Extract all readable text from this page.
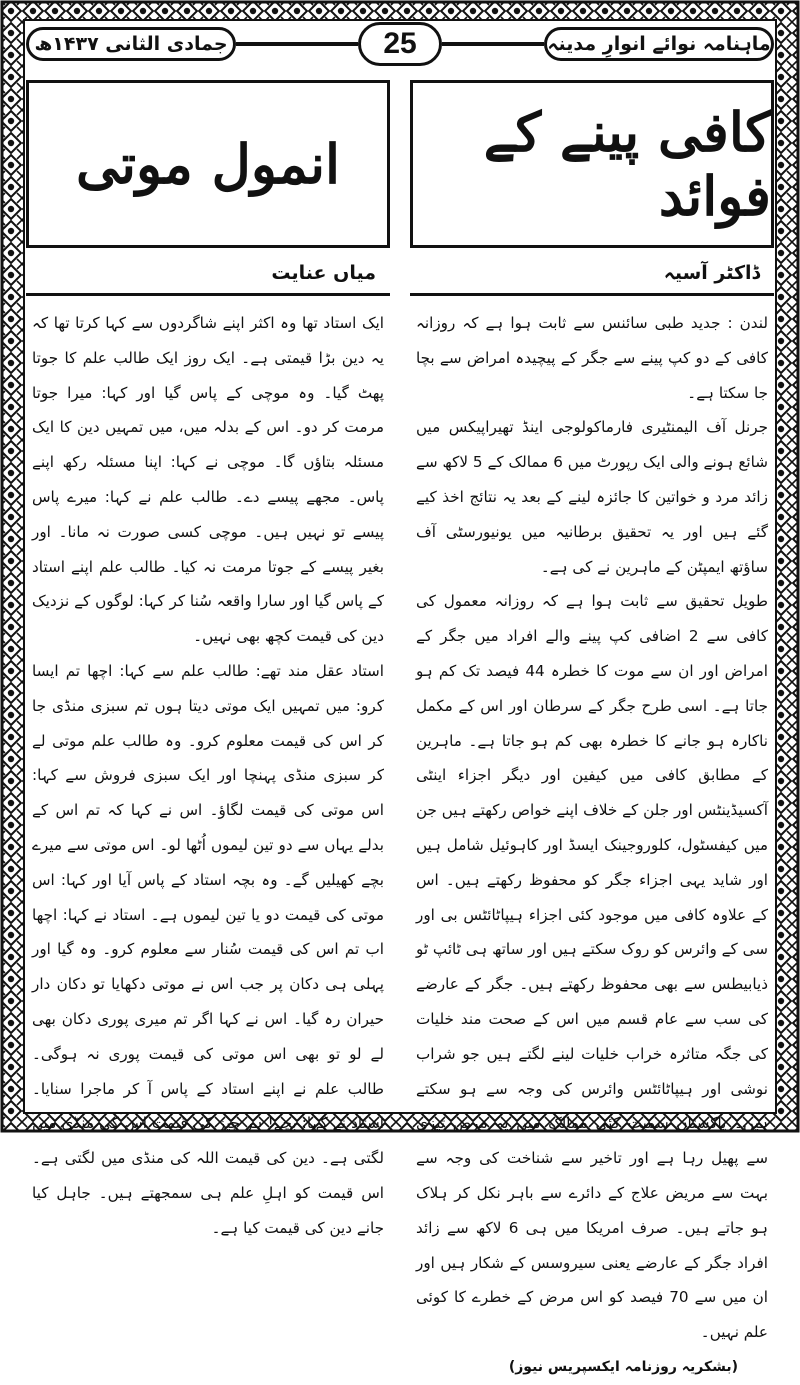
ماہنامہ نوائے انوارِ مدینہ
25
جمادی الثانی ۱۴۳۷ھ
کافی پینے کے فوائد
ڈاکٹر آسیہ
لندن : جدید طبی سائنس سے ثابت ہوا ہے کہ روزانہ کافی کے دو کپ پینے سے جگر کے پیچیدہ امراض سے بچا جا سکتا ہے۔
جرنل آف الیمنٹیری فارماکولوجی اینڈ تھیراپیکس میں شائع ہونے والی ایک رپورٹ میں 6 ممالک کے 5 لاکھ سے زائد مرد و خواتین کا جائزہ لینے کے بعد یہ نتائج اخذ کیے گئے ہیں اور یہ تحقیق برطانیہ میں یونیورسٹی آف ساؤتھ ایمپٹن کے ماہرین نے کی ہے۔
طویل تحقیق سے ثابت ہوا ہے کہ روزانہ معمول کی کافی سے 2 اضافی کپ پینے والے افراد میں جگر کے امراض اور ان سے موت کا خطرہ 44 فیصد تک کم ہو جاتا ہے۔ اسی طرح جگر کے سرطان اور اس کے مکمل ناکارہ ہو جانے کا خطرہ بھی کم ہو جاتا ہے۔ ماہرین کے مطابق کافی میں کیفین اور دیگر اجزاء اینٹی آکسیڈینٹس اور جلن کے خلاف اپنے خواص رکھتے ہیں جن میں کیفسٹول، کلوروجینک ایسڈ اور کاہوئیل شامل ہیں اور شاید یہی اجزاء جگر کو محفوظ رکھتے ہیں۔ اس کے علاوہ کافی میں موجود کئی اجزاء ہیپاٹائٹس بی اور سی کے وائرس کو روک سکتے ہیں اور ساتھ ہی ٹائپ ٹو ذیابیطس سے بھی محفوظ رکھتے ہیں۔ جگر کے عارضے کی سب سے عام قسم میں اس کے صحت مند خلیات کی جگہ متاثرہ خراب خلیات لینے لگتے ہیں جو شراب نوشی اور ہیپاٹائٹس وائرس کی وجہ سے ہو سکتے ہیں۔ پاکستان سمیت کئی ممالک میں یہ مرض تیزی سے پھیل رہا ہے اور تاخیر سے شناخت کی وجہ سے بہت سے مریض علاج کے دائرے سے باہر نکل کر ہلاک ہو جاتے ہیں۔ صرف امریکا میں ہی 6 لاکھ سے زائد افراد جگر کے عارضے یعنی سیروسس کے شکار ہیں اور ان میں سے 70 فیصد کو اس مرض کے خطرے کا کوئی علم نہیں۔
(بشکریہ روزنامہ ایکسپریس نیوز)
انمول موتی
میاں عنایت
ایک استاد تھا وہ اکثر اپنے شاگردوں سے کہا کرتا تھا کہ یہ دین بڑا قیمتی ہے۔ ایک روز ایک طالب علم کا جوتا پھٹ گیا۔ وہ موچی کے پاس گیا اور کہا: میرا جوتا مرمت کر دو۔ اس کے بدلہ میں، میں تمہیں دین کا ایک مسئلہ بتاؤں گا۔ موچی نے کہا: اپنا مسئلہ رکھ اپنے پاس۔ مجھے پیسے دے۔ طالب علم نے کہا: میرے پاس پیسے تو نہیں ہیں۔ موچی کسی صورت نہ مانا۔ اور بغیر پیسے کے جوتا مرمت نہ کیا۔ طالب علم اپنے استاد کے پاس گیا اور سارا واقعہ سُنا کر کہا: لوگوں کے نزدیک دین کی قیمت کچھ بھی نہیں۔
استاد عقل مند تھے: طالب علم سے کہا: اچھا تم ایسا کرو: میں تمہیں ایک موتی دیتا ہوں تم سبزی منڈی جا کر اس کی قیمت معلوم کرو۔ وہ طالب علم موتی لے کر سبزی منڈی پہنچا اور ایک سبزی فروش سے کہا: اس موتی کی قیمت لگاؤ۔ اس نے کہا کہ تم اس کے بدلے یہاں سے دو تین لیموں اُٹھا لو۔ اس موتی سے میرے بچے کھیلیں گے۔ وہ بچہ استاد کے پاس آیا اور کہا: اس موتی کی قیمت دو یا تین لیموں ہے۔ استاد نے کہا: اچھا اب تم اس کی قیمت سُنار سے معلوم کرو۔ وہ گیا اور پہلی ہی دکان پر جب اس نے موتی دکھایا تو دکان دار حیران رہ گیا۔ اس نے کہا اگر تم میری پوری دکان بھی لے لو تو بھی اس موتی کی قیمت پوری نہ ہوگی۔ طالب علم نے اپنے استاد کے پاس آ کر ماجرا سنایا۔ استاد نے کہا: بچے! ہر چیز کی قیمت اس کی منڈی میں لگتی ہے۔ دین کی قیمت اللہ کی منڈی میں لگتی ہے۔ اس قیمت کو اہلِ علم ہی سمجھتے ہیں۔ جاہل کیا جانے دین کی قیمت کیا ہے۔
